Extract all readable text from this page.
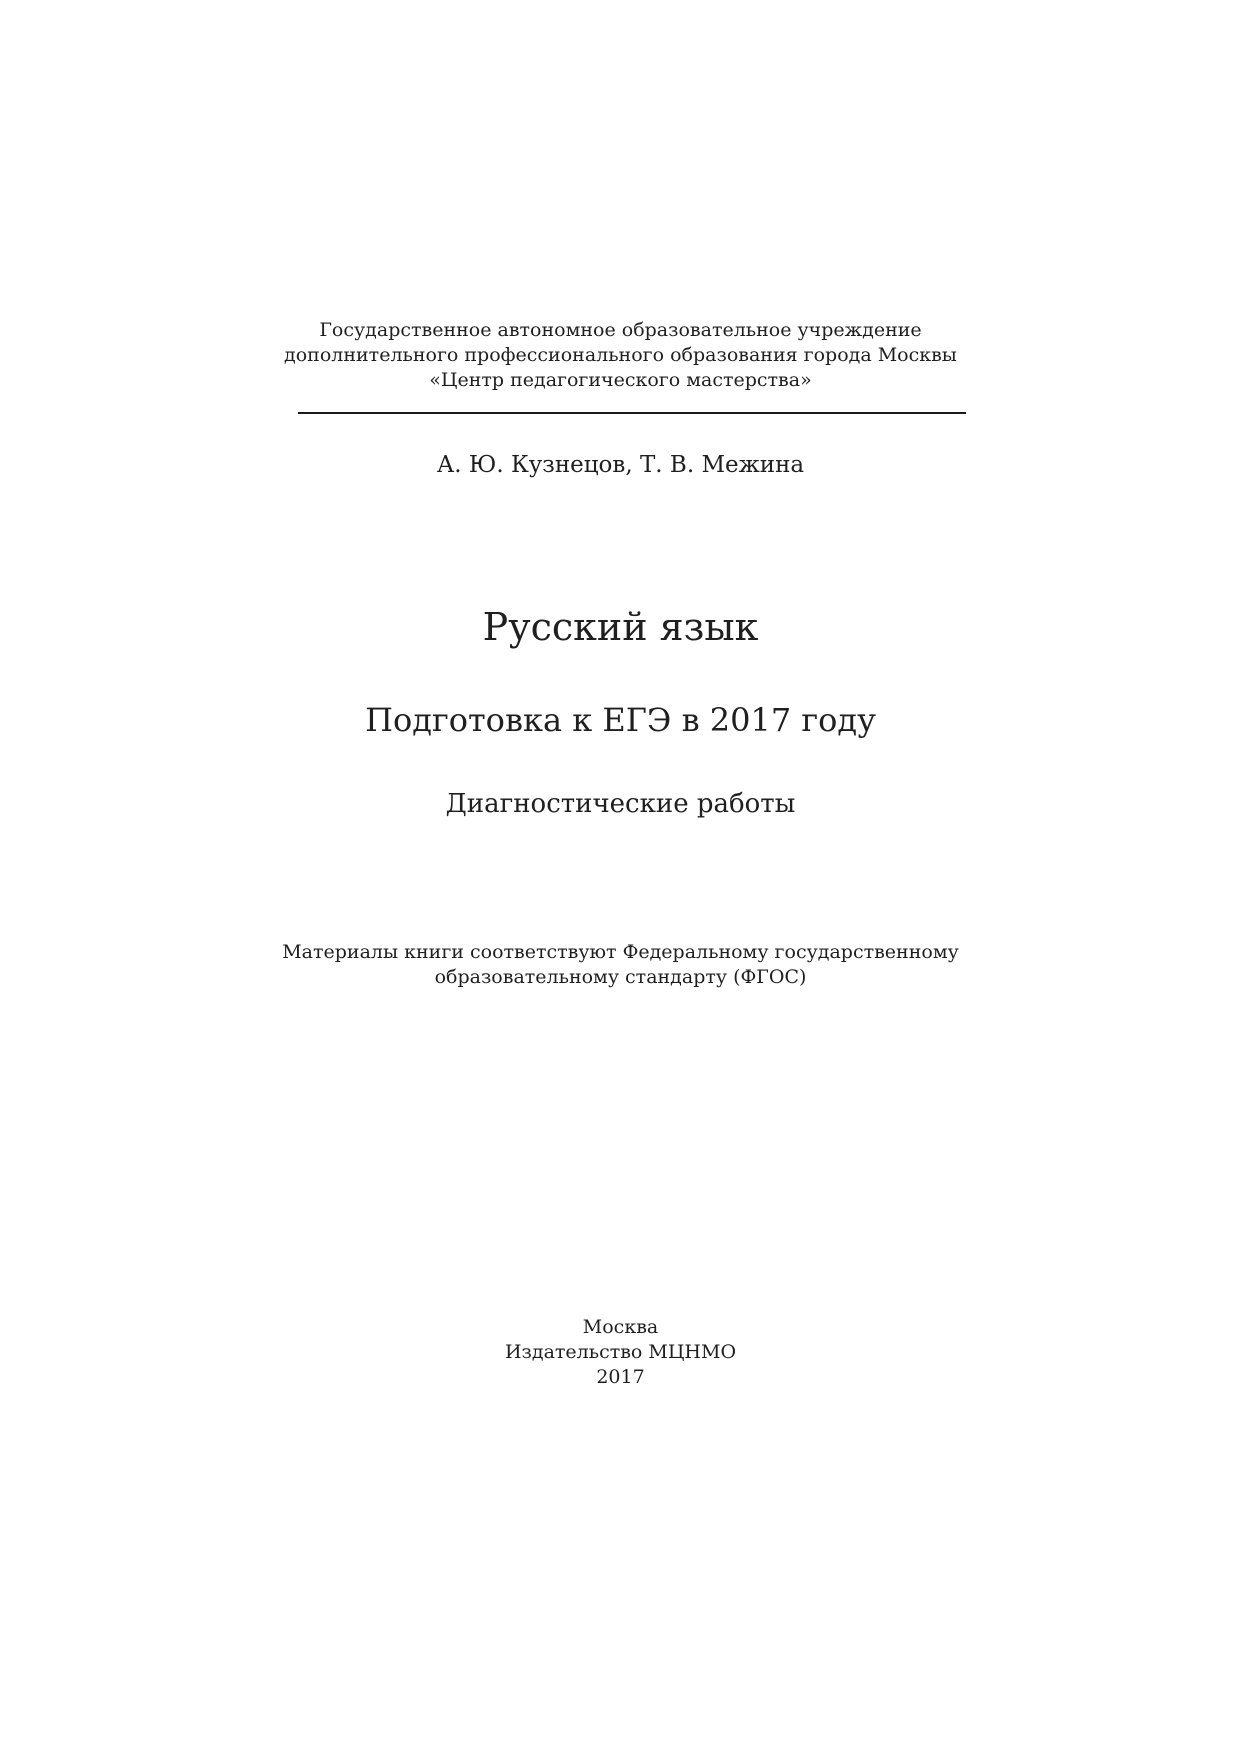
Государственное автономное образовательное учреждение
дополнительного профессионального образования города Москвы
«Центр педагогического мастерства»
А. Ю. Кузнецов, Т. В. Межина
Русский язык
Подготовка к ЕГЭ в 2017 году
Диагностические работы
Материалы книги соответствуют Федеральному государственному
образовательному стандарту (ФГОС)
Москва
Издательство МЦНМО
2017
